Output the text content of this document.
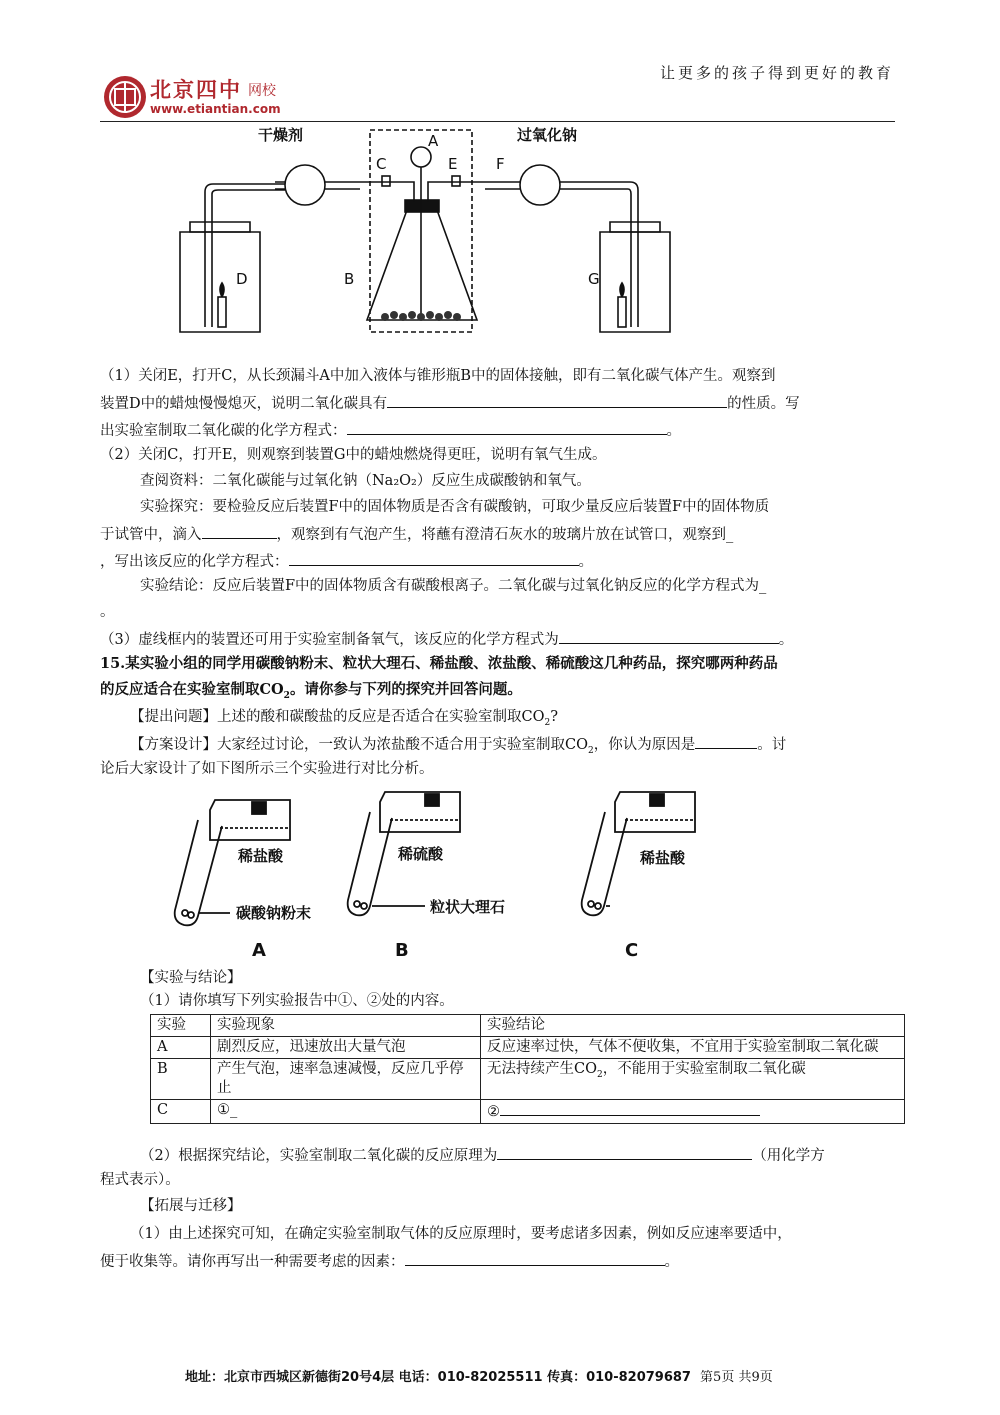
北京四中 网校
www.etiantian.com
让更多的孩子得到更好的教育
干燥剂	过氧化钠
A
C	E	F
D	B	G
（1）关闭E，打开C，从长颈漏斗A中加入液体与锥形瓶B中的固体接触，即有二氧化碳气体产生。观察到
装置D中的蜡烛慢慢熄灭，说明二氧化碳具有	的性质。写
出实验室制取二氧化碳的化学方程式：	。
（2）关闭C，打开E，则观察到装置G中的蜡烛燃烧得更旺，说明有氧气生成。
查阅资料：二氧化碳能与过氧化钠（Na₂O₂）反应生成碳酸钠和氧气。
实验探究：要检验反应后装置F中的固体物质是否含有碳酸钠，可取少量反应后装置F中的固体物质
于试管中，滴入	，观察到有气泡产生，将蘸有澄清石灰水的玻璃片放在试管口，观察到_
，写出该反应的化学方程式：	。
实验结论：反应后装置F中的固体物质含有碳酸根离子。二氧化碳与过氧化钠反应的化学方程式为_
。
（3）虚线框内的装置还可用于实验室制备氧气，该反应的化学方程式为	。
15.某实验小组的同学用碳酸钠粉末、粒状大理石、稀盐酸、浓盐酸、稀硫酸这几种药品，探究哪两种药品
的反应适合在实验室制取$CO_2$。请你参与下列的探究并回答问题。
【提出问题】上述的酸和碳酸盐的反应是否适合在实验室制取$CO_2$?
【方案设计】大家经过讨论，一致认为浓盐酸不适合用于实验室制取$CO_2$，你认为原因是	。讨
论后大家设计了如下图所示三个实验进行对比分析。
稀盐酸	稀硫酸	稀盐酸
碳酸钠粉末	粒状大理石
A	B	C
【实验与结论】
（1）请你填写下列实验报告中①、②处的内容。
实验	实验现象	实验结论
A	剧烈反应，迅速放出大量气泡	反应速率过快，气体不便收集，不宜用于实验室制取二氧化碳
B	产生气泡，速率急速减慢，反应几乎停止	无法持续产生$CO_2$，不能用于实验室制取二氧化碳
C	①_	②
（2）根据探究结论，实验室制取二氧化碳的反应原理为	（用化学方
程式表示）。
【拓展与迁移】
（1）由上述探究可知，在确定实验室制取气体的反应原理时，要考虑诸多因素，例如反应速率要适中，
便于收集等。请你再写出一种需要考虑的因素：	。
地址：北京市西城区新德街20号4层 电话：010-82025511 传真：010-82079687 第5页 共9页
